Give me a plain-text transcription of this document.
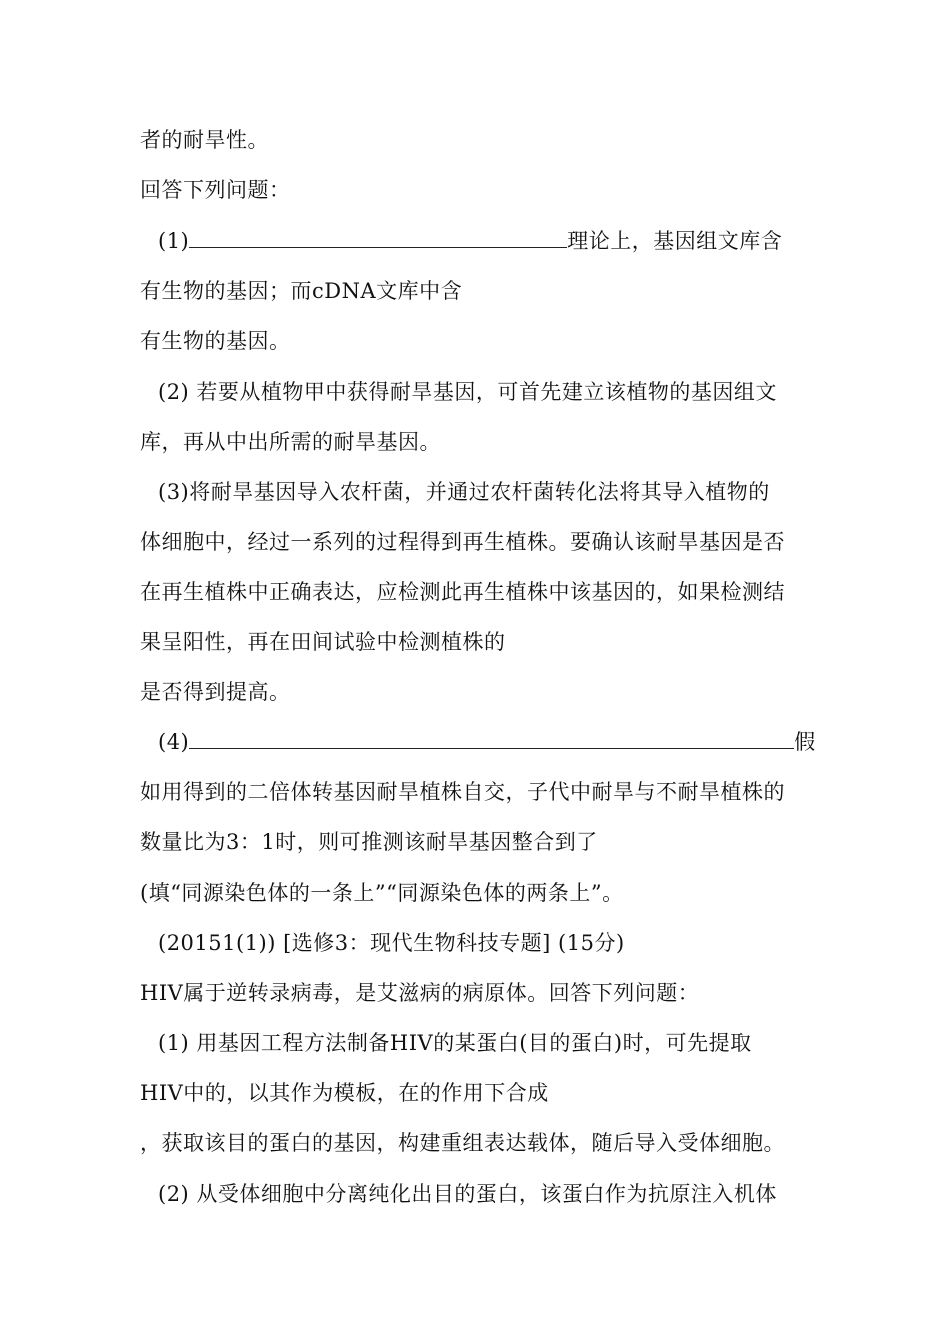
者的耐旱性。
回答下列问题：
(1)	理论上，基因组文库含
有生物的基因；而cDNA文库中含
有生物的基因。
(2) 若要从植物甲中获得耐旱基因，可首先建立该植物的基因组文
库，再从中出所需的耐旱基因。
(3)将耐旱基因导入农杆菌，并通过农杆菌转化法将其导入植物的
体细胞中，经过一系列的过程得到再生植株。要确认该耐旱基因是否
在再生植株中正确表达，应检测此再生植株中该基因的，如果检测结
果呈阳性，再在田间试验中检测植株的
是否得到提高。
(4)	假
如用得到的二倍体转基因耐旱植株自交，子代中耐旱与不耐旱植株的
数量比为3：1时，则可推测该耐旱基因整合到了
(填“同源染色体的一条上”“同源染色体的两条上”。
(20151(1)) [选修3：现代生物科技专题] (15分)
HIV属于逆转录病毒，是艾滋病的病原体。回答下列问题：
(1) 用基因工程方法制备HIV的某蛋白(目的蛋白)时，可先提取
HIV中的，以其作为模板，在的作用下合成
，获取该目的蛋白的基因，构建重组表达载体，随后导入受体细胞。
(2) 从受体细胞中分离纯化出目的蛋白，该蛋白作为抗原注入机体
